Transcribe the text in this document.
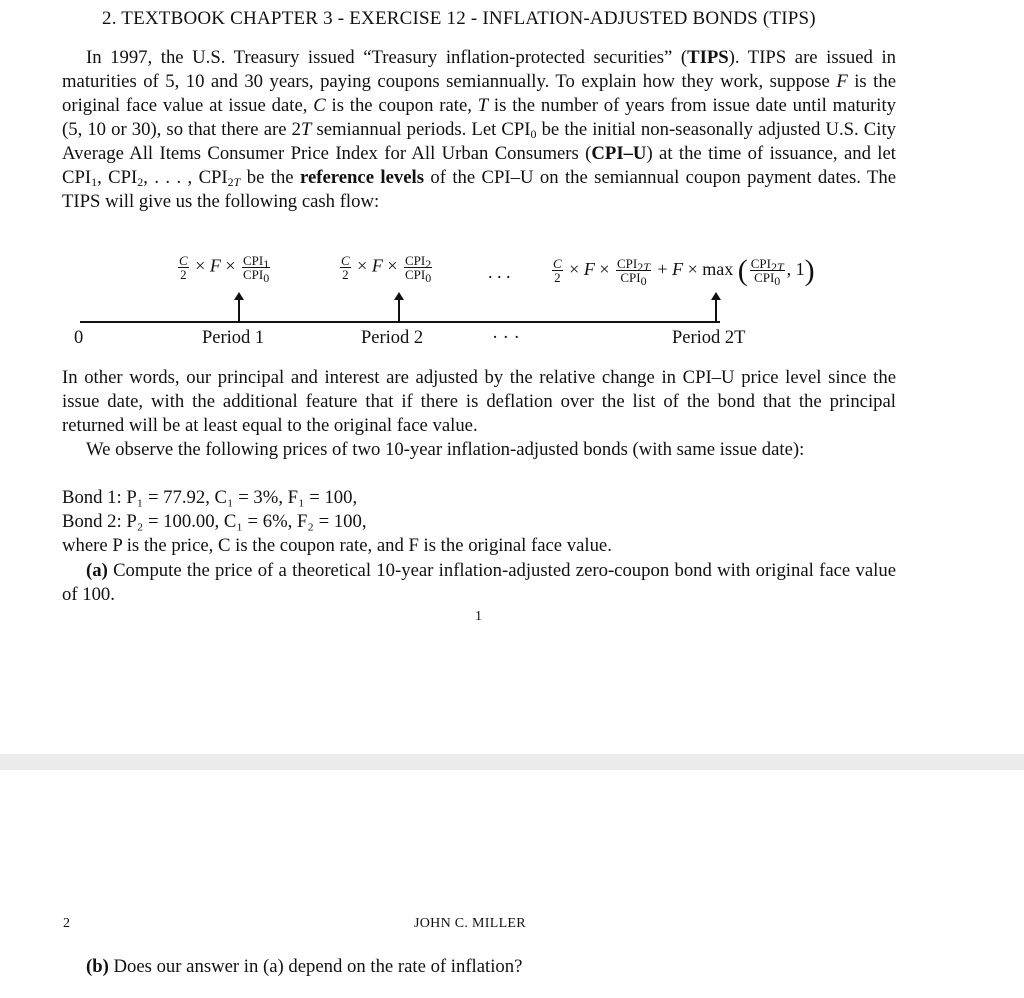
2. TEXTBOOK CHAPTER 3 - EXERCISE 12 - INFLATION-ADJUSTED BONDS (TIPS)
In 1997, the U.S. Treasury issued “Treasury inflation-protected securities” (TIPS). TIPS are issued in maturities of 5, 10 and 30 years, paying coupons semiannually. To explain how they work, suppose F is the original face value at issue date, C is the coupon rate, T is the number of years from issue date until maturity (5, 10 or 30), so that there are 2T semiannual periods. Let $CPI_0$ be the initial non-seasonally adjusted U.S. City Average All Items Consumer Price Index for All Urban Consumers (CPI–U) at the time of issuance, and let $CPI_1$, $CPI_2$, . . . , $CPI_{2T}$ be the reference levels of the CPI–U on the semiannual coupon payment dates. The TIPS will give us the following cash flow:
$\frac{C}{2} \times F \times \frac{CPI_1}{CPI_0}$	$\frac{C}{2} \times F \times \frac{CPI_2}{CPI_0}$	. . .	$\frac{C}{2} \times F \times \frac{CPI_{2T}}{CPI_0} + F \times \max$ ( $\frac{CPI_{2T}}{CPI_0}$ , 1)
0	Period 1	Period 2	· · ·	Period 2T
In other words, our principal and interest are adjusted by the relative change in CPI–U price level since the issue date, with the additional feature that if there is deflation over the list of the bond that the principal returned will be at least equal to the original face value.
We observe the following prices of two 10-year inflation-adjusted bonds (with same issue date):
Bond 1: P₁ = 77.92, C₁ = 3%, F₁ = 100,
Bond 2: P₂ = 100.00, C₁ = 6%, F₂ = 100,
where P is the price, C is the coupon rate, and F is the original face value.
(a) Compute the price of a theoretical 10-year inflation-adjusted zero-coupon bond with original face value of 100.
1
2	JOHN C. MILLER
(b) Does our answer in (a) depend on the rate of inflation?
